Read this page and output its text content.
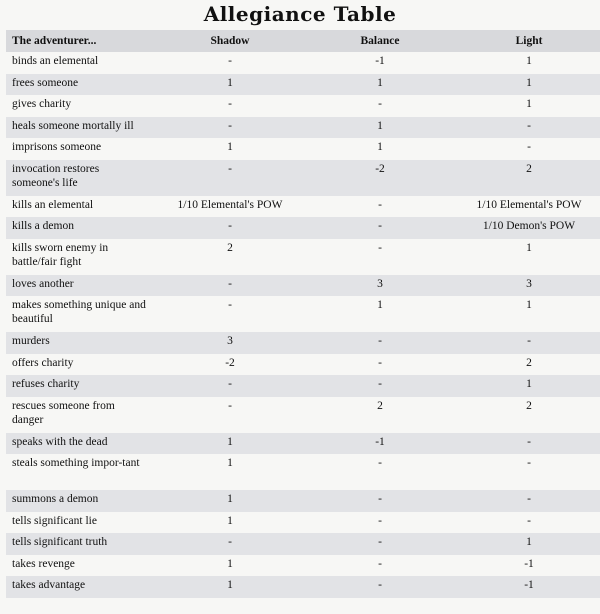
Allegiance Table
The adventurer...	Shadow	Balance	Light
binds an elemental	-	-1	1
frees someone	1	1	1
gives charity	-	-	1
heals someone mortally ill	-	1	-
imprisons someone	1	1	-
invocation restores someone's life	-	-2	2
kills an elemental	1/10 Elemental's POW	-	1/10 Elemental's POW
kills a demon	-	-	1/10 Demon's POW
kills sworn enemy in battle/fair fight	2	-	1
loves another	-	3	3
makes something unique and beautiful	-	1	1
murders	3	-	-
offers charity	-2	-	2
refuses charity	-	-	1
rescues someone from danger	-	2	2
speaks with the dead	1	-1	-
steals something impor-tant	1	-	-
summons a demon	1	-	-
tells significant lie	1	-	-
tells significant truth	-	-	1
takes revenge	1	-	-1
takes advantage	1	-	-1
